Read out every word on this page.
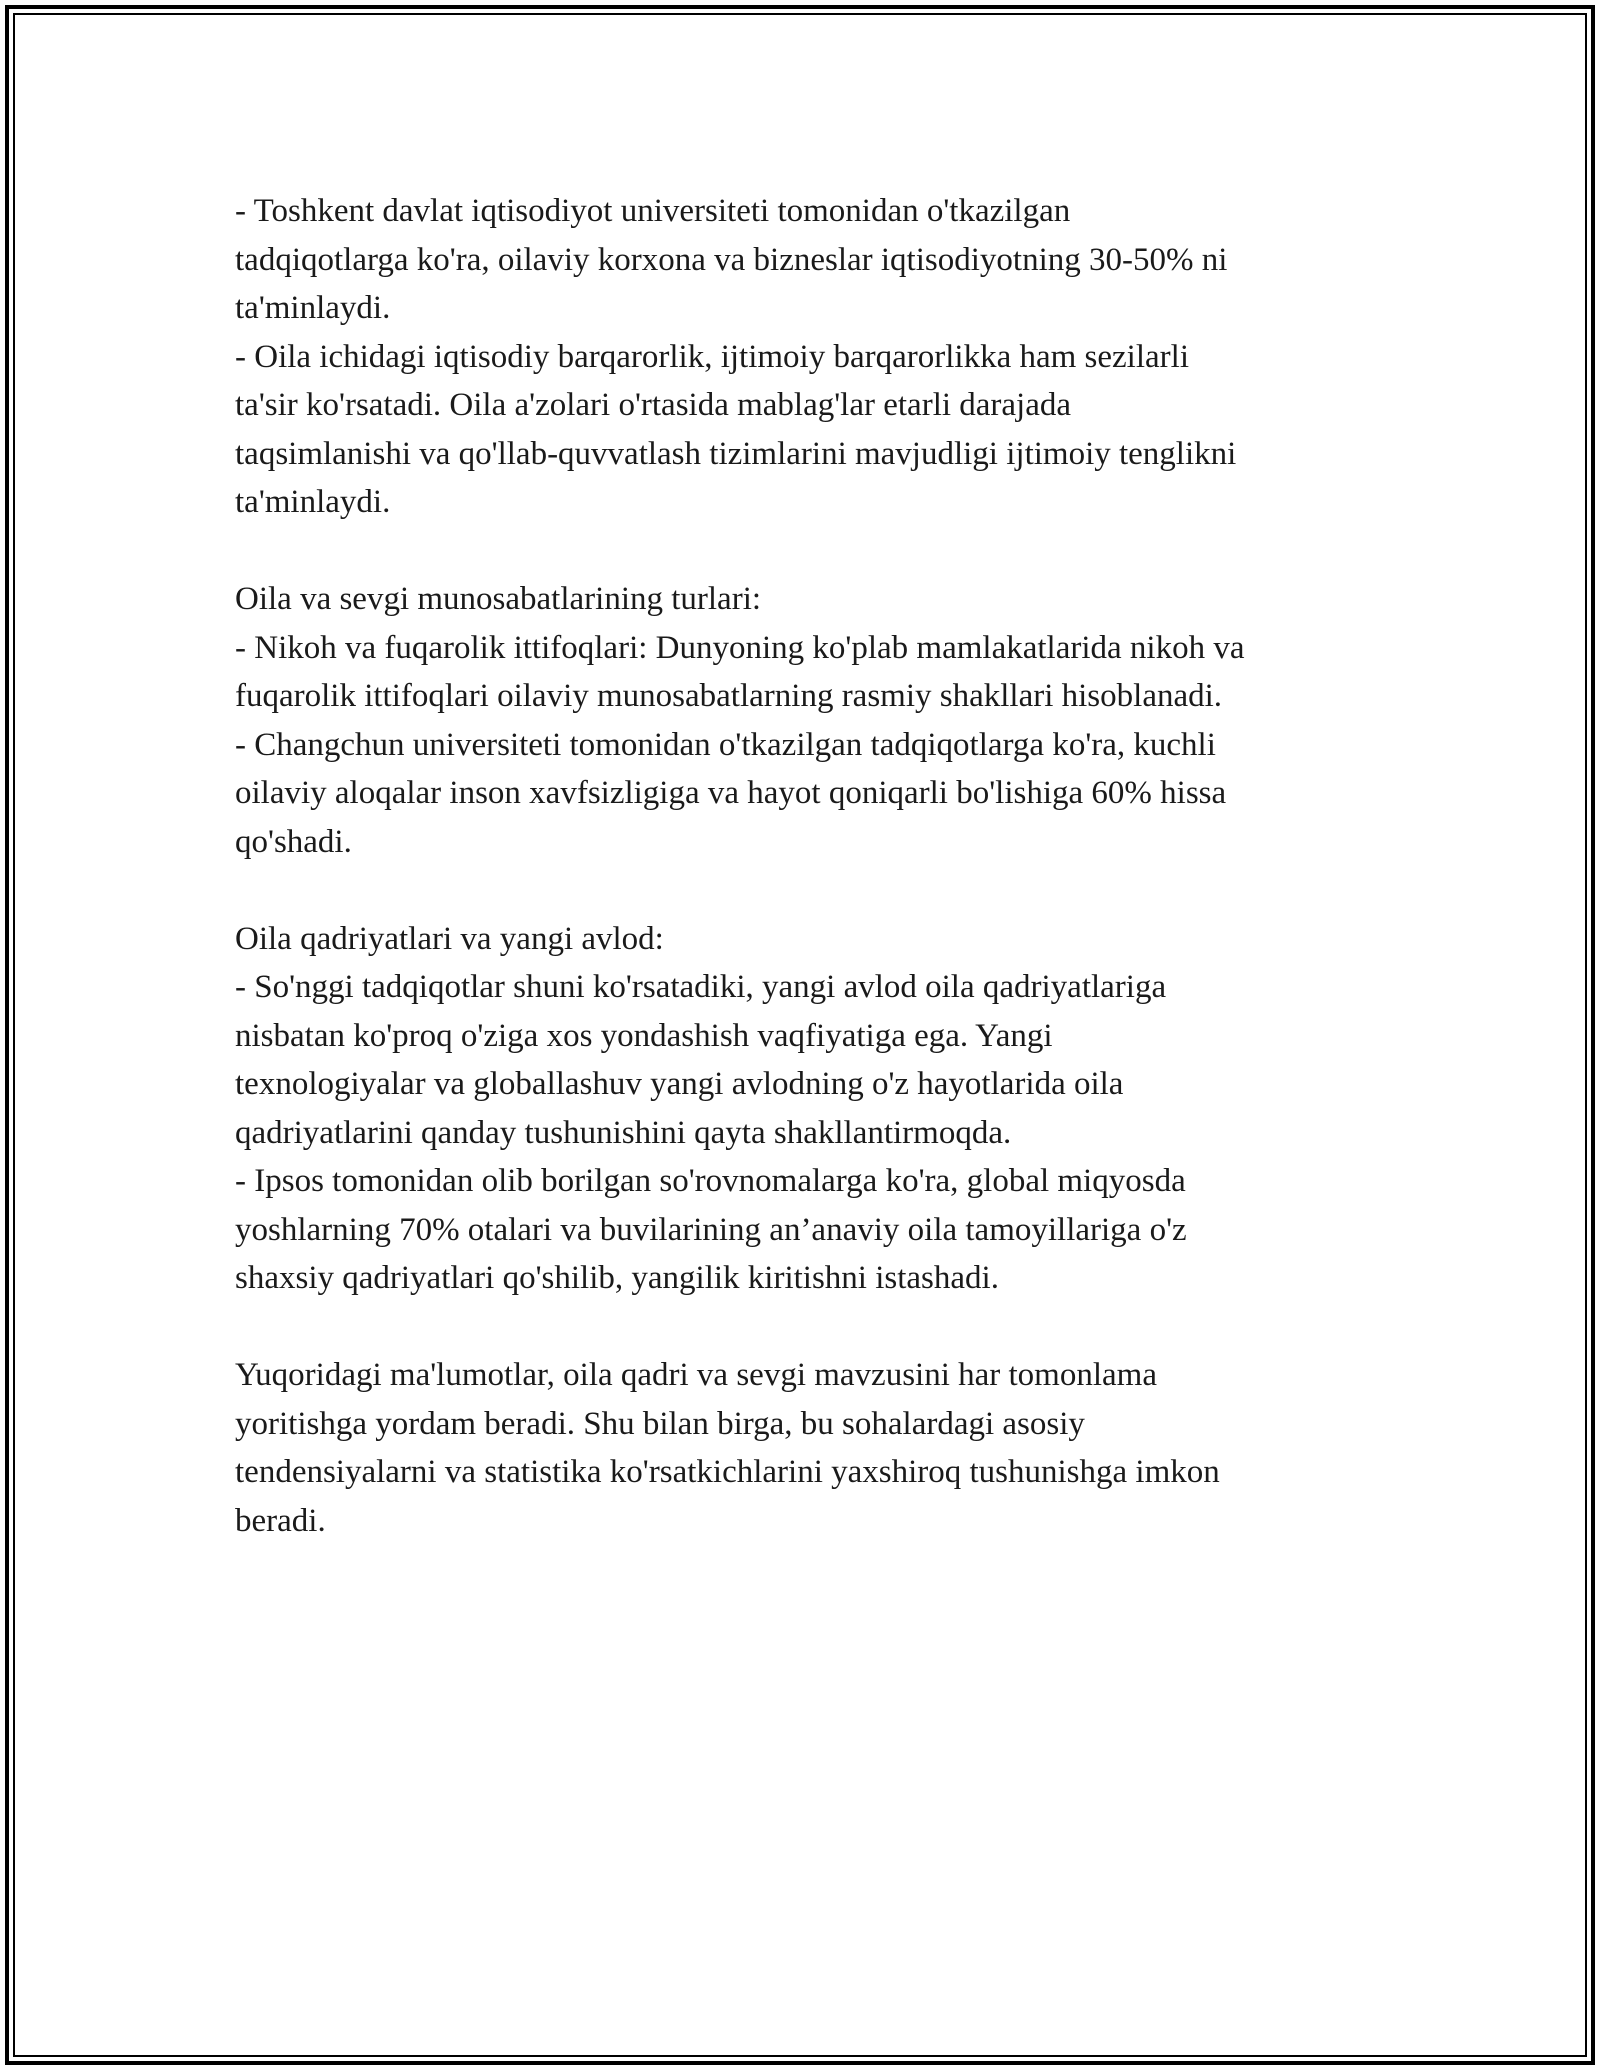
- Toshkent davlat iqtisodiyot universiteti tomonidan o'tkazilgan
tadqiqotlarga ko'ra, oilaviy korxona va bizneslar iqtisodiyotning 30-50% ni
ta'minlaydi.
- Oila ichidagi iqtisodiy barqarorlik, ijtimoiy barqarorlikka ham sezilarli
ta'sir ko'rsatadi. Oila a'zolari o'rtasida mablag'lar etarli darajada
taqsimlanishi va qo'llab-quvvatlash tizimlarini mavjudligi ijtimoiy tenglikni
ta'minlaydi.
Oila va sevgi munosabatlarining turlari:
- Nikoh va fuqarolik ittifoqlari: Dunyoning ko'plab mamlakatlarida nikoh va
fuqarolik ittifoqlari oilaviy munosabatlarning rasmiy shakllari hisoblanadi.
- Changchun universiteti tomonidan o'tkazilgan tadqiqotlarga ko'ra, kuchli
oilaviy aloqalar inson xavfsizligiga va hayot qoniqarli bo'lishiga 60% hissa
qo'shadi.
Oila qadriyatlari va yangi avlod:
- So'nggi tadqiqotlar shuni ko'rsatadiki, yangi avlod oila qadriyatlariga
nisbatan ko'proq o'ziga xos yondashish vaqfiyatiga ega. Yangi
texnologiyalar va globallashuv yangi avlodning o'z hayotlarida oila
qadriyatlarini qanday tushunishini qayta shakllantirmoqda.
- Ipsos tomonidan olib borilgan so'rovnomalarga ko'ra, global miqyosda
yoshlarning 70% otalari va buvilarining an’anaviy oila tamoyillariga o'z
shaxsiy qadriyatlari qo'shilib, yangilik kiritishni istashadi.
Yuqoridagi ma'lumotlar, oila qadri va sevgi mavzusini har tomonlama
yoritishga yordam beradi. Shu bilan birga, bu sohalardagi asosiy
tendensiyalarni va statistika ko'rsatkichlarini yaxshiroq tushunishga imkon
beradi.
